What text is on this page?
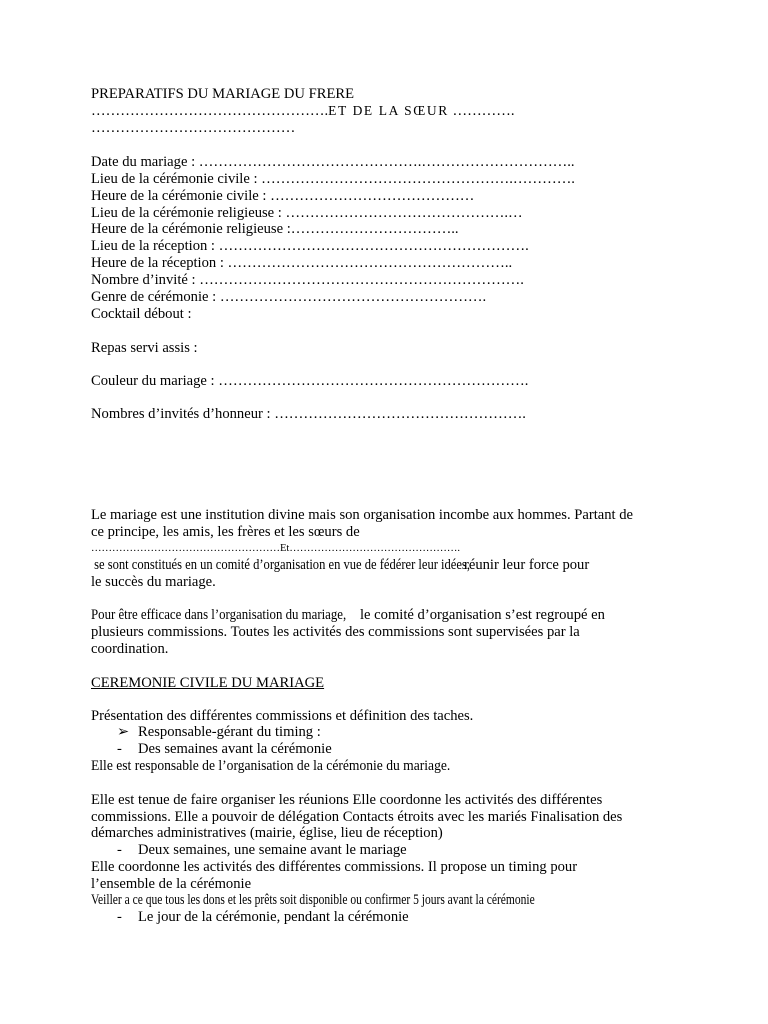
PREPARATIFS DU MARIAGE DU FRERE
………………………………………….ET DE LA SŒUR ………….
……………………………………
Date du mariage : ……………………………………….…………………………..
Lieu de la cérémonie civile : …………………………………………….………….
Heure de la cérémonie civile : ……………………………………
Lieu de la cérémonie religieuse : ……………………………………….…
Heure de la cérémonie religieuse :……………………………..
Lieu de la réception : ……………………………………………………….
Heure de la réception : …………………………………………………..
Nombre d’invité : ………………………………………………………….
Genre de cérémonie : ……………………………………………….
Cocktail débout :
Repas servi assis :
Couleur du mariage : ……………………………………………………….
Nombres d’invités d’honneur : …………………………………………….
Le mariage est une institution divine mais son organisation incombe aux hommes. Partant de
ce principe, les amis, les frères et les sœurs de
………………………………………………Et………………………………………….
se sont constitués en un comité d’organisation en vue de fédérer leur idées, réunir leur force pour
le succès du mariage.
Pour être efficace dans l’organisation du mariage, le comité d’organisation s’est regroupé en
plusieurs commissions. Toutes les activités des commissions sont supervisées par la
coordination.
CEREMONIE CIVILE DU MARIAGE
Présentation des différentes commissions et définition des taches.
➢ Responsable-gérant du timing :
- Des semaines avant la cérémonie
Elle est responsable de l’organisation de la cérémonie du mariage.
Elle est tenue de faire organiser les réunions Elle coordonne les activités des différentes
commissions. Elle a pouvoir de délégation Contacts étroits avec les mariés Finalisation des
démarches administratives (mairie, église, lieu de réception)
- Deux semaines, une semaine avant le mariage
Elle coordonne les activités des différentes commissions. Il propose un timing pour
l’ensemble de la cérémonie
Veiller a ce que tous les dons et les prêts soit disponible ou confirmer 5 jours avant la cérémonie
- Le jour de la cérémonie, pendant la cérémonie
